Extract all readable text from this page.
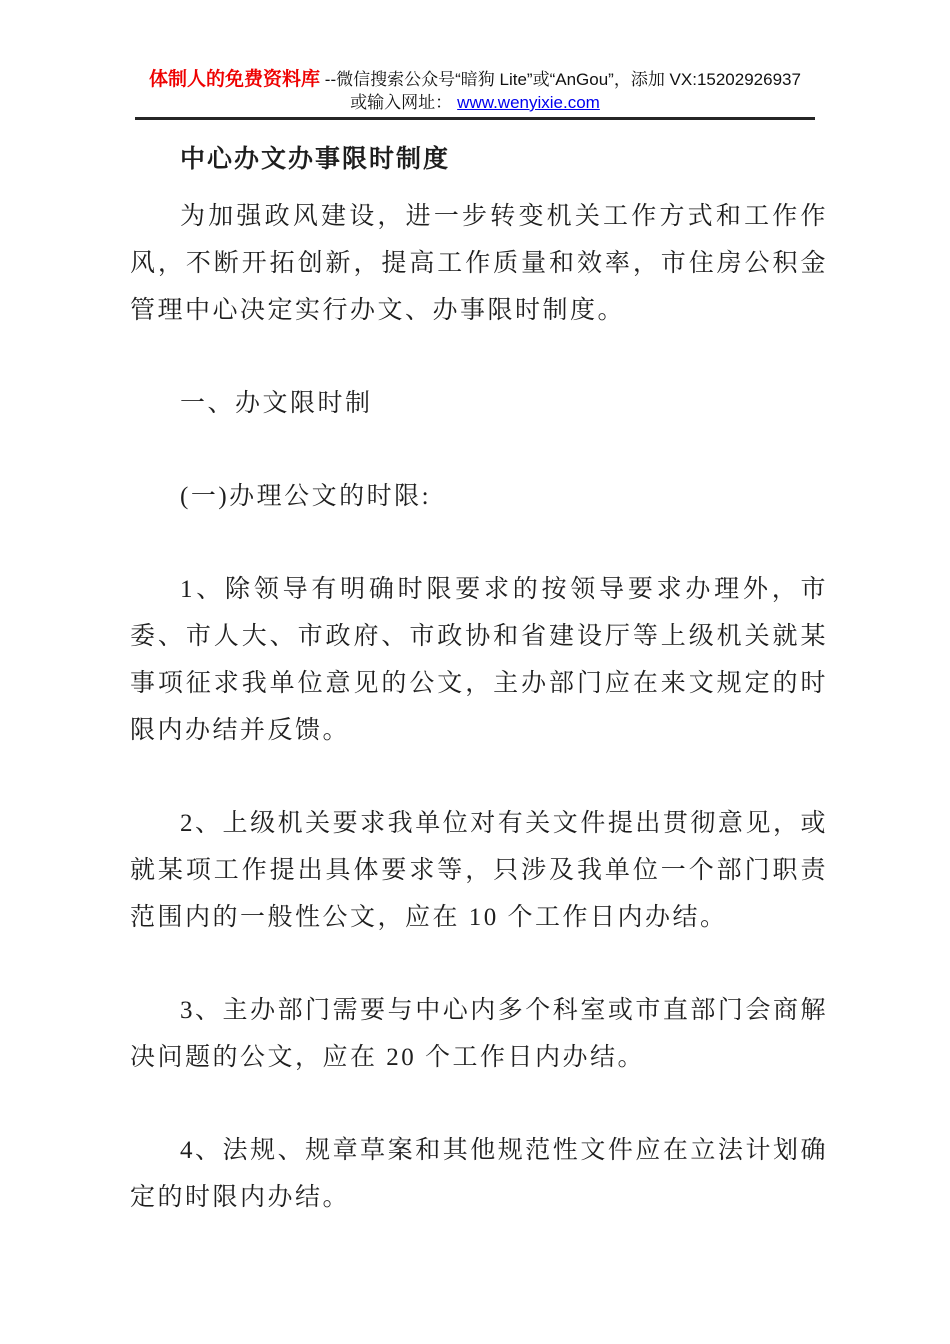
体制人的免费资料库 --微信搜索公众号“暗狗 Lite”或“AnGou”，添加 VX:15202926937
或输入网址： www.wenyixie.com

中心办文办事限时制度

为加强政风建设，进一步转变机关工作方式和工作作风，不断开拓创新，提高工作质量和效率，市住房公积金管理中心决定实行办文、办事限时制度。

一、办文限时制

(一)办理公文的时限:

1、除领导有明确时限要求的按领导要求办理外，市委、市人大、市政府、市政协和省建设厅等上级机关就某事项征求我单位意见的公文，主办部门应在来文规定的时限内办结并反馈。

2、上级机关要求我单位对有关文件提出贯彻意见，或就某项工作提出具体要求等，只涉及我单位一个部门职责范围内的一般性公文，应在 10 个工作日内办结。

3、主办部门需要与中心内多个科室或市直部门会商解决问题的公文，应在 20 个工作日内办结。

4、法规、规章草案和其他规范性文件应在立法计划确定的时限内办结。
